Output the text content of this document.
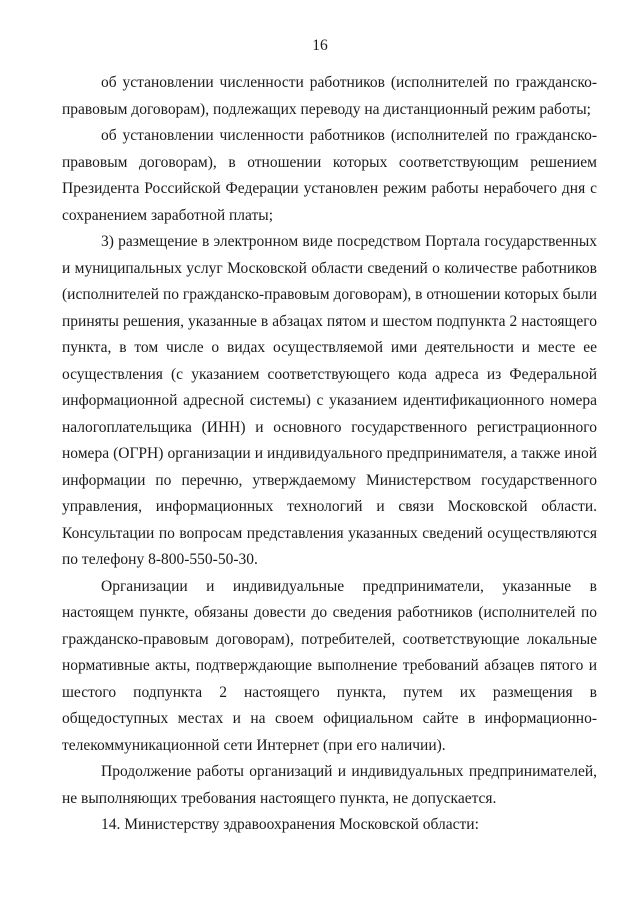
16

об установлении численности работников (исполнителей по гражданско-правовым договорам), подлежащих переводу на дистанционный режим работы;

об установлении численности работников (исполнителей по гражданско-правовым договорам), в отношении которых соответствующим решением Президента Российской Федерации установлен режим работы нерабочего дня с сохранением заработной платы;

3) размещение в электронном виде посредством Портала государственных и муниципальных услуг Московской области сведений о количестве работников (исполнителей по гражданско-правовым договорам), в отношении которых были приняты решения, указанные в абзацах пятом и шестом подпункта 2 настоящего пункта, в том числе о видах осуществляемой ими деятельности и месте ее осуществления (с указанием соответствующего кода адреса из Федеральной информационной адресной системы) с указанием идентификационного номера налогоплательщика (ИНН) и основного государственного регистрационного номера (ОГРН) организации и индивидуального предпринимателя, а также иной информации по перечню, утверждаемому Министерством государственного управления, информационных технологий и связи Московской области. Консультации по вопросам представления указанных сведений осуществляются по телефону 8-800-550-50-30.

Организации и индивидуальные предприниматели, указанные в настоящем пункте, обязаны довести до сведения работников (исполнителей по гражданско-правовым договорам), потребителей, соответствующие локальные нормативные акты, подтверждающие выполнение требований абзацев пятого и шестого подпункта 2 настоящего пункта, путем их размещения в общедоступных местах и на своем официальном сайте в информационно-телекоммуникационной сети Интернет (при его наличии).

Продолжение работы организаций и индивидуальных предпринимателей, не выполняющих требования настоящего пункта, не допускается.

14. Министерству здравоохранения Московской области:
